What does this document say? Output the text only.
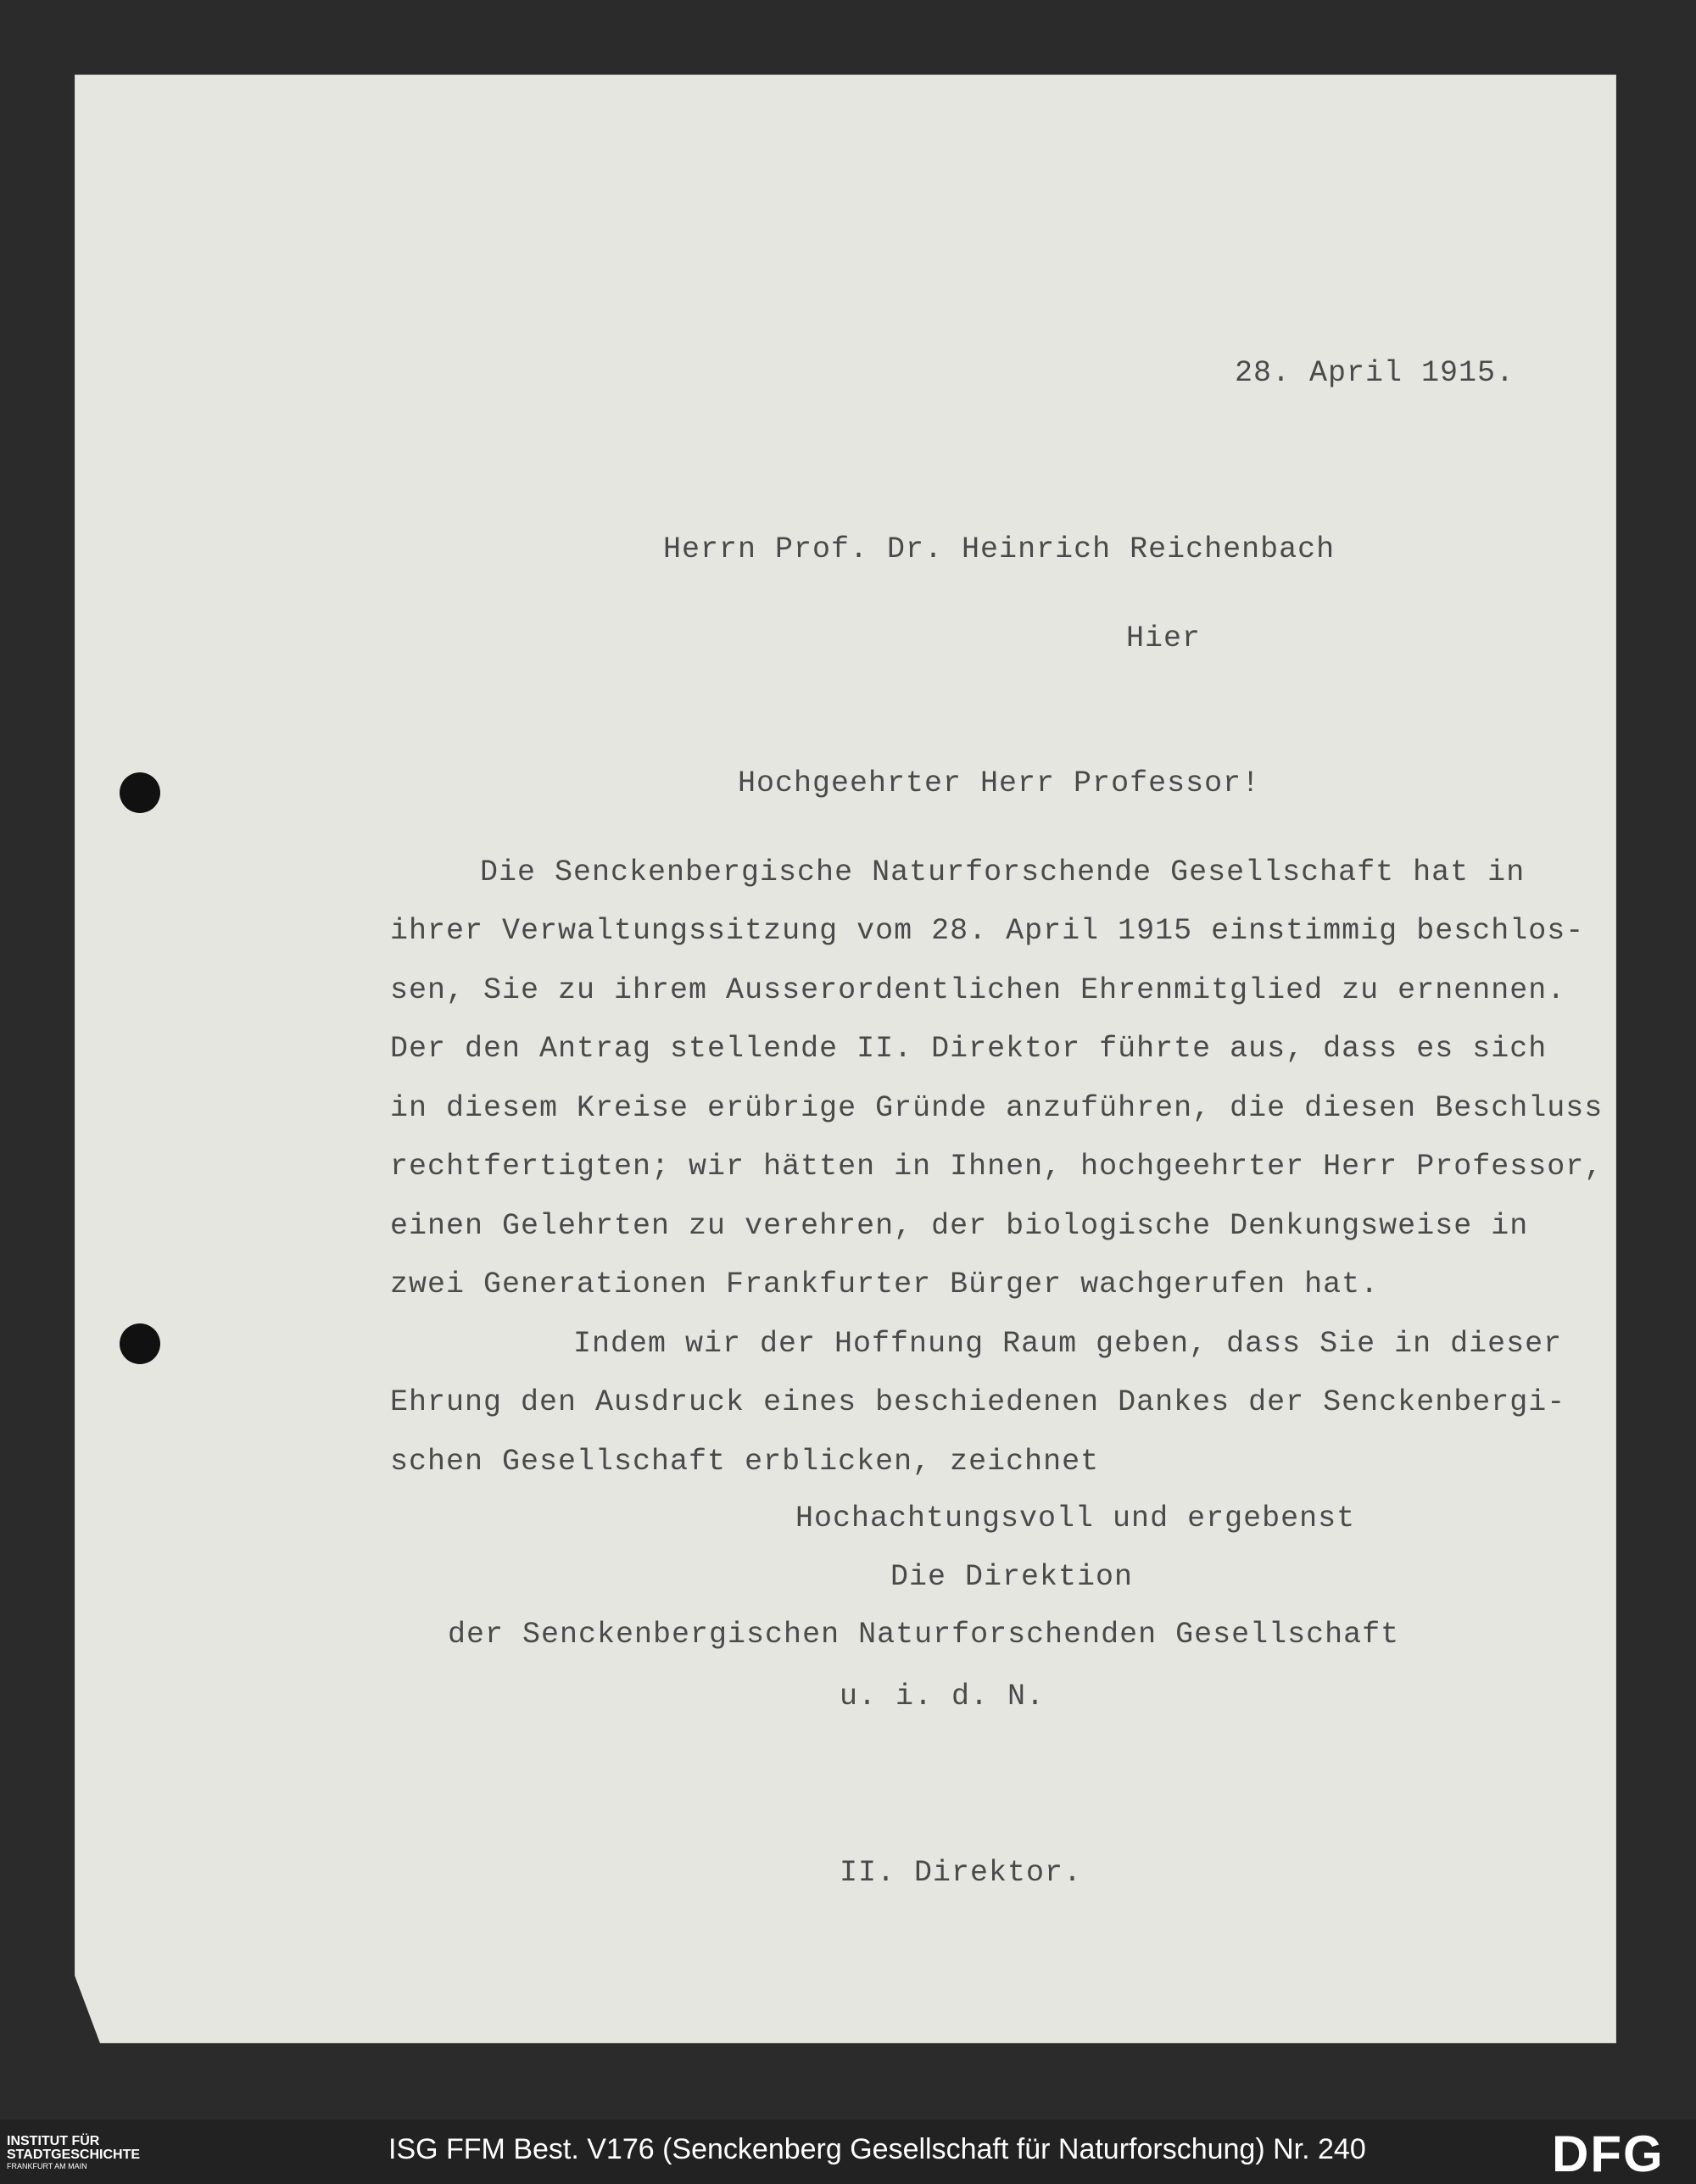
28. April 1915.
Herrn Prof. Dr. Heinrich Reichenbach
Hier
Hochgeehrter Herr Professor!
Die Senckenbergische Naturforschende Gesellschaft hat in
ihrer Verwaltungssitzung vom 28. April 1915 einstimmig beschlos-
sen, Sie zu ihrem Ausserordentlichen Ehrenmitglied zu ernennen.
Der den Antrag stellende II. Direktor führte aus, dass es sich
in diesem Kreise erübrige Gründe anzuführen, die diesen Beschluss
rechtfertigten; wir hätten in Ihnen, hochgeehrter Herr Professor,
einen Gelehrten zu verehren, der biologische Denkungsweise in
zwei Generationen Frankfurter Bürger wachgerufen hat.
Indem wir der Hoffnung Raum geben, dass Sie in dieser
Ehrung den Ausdruck eines beschiedenen Dankes der Senckenbergi-
schen Gesellschaft erblicken, zeichnet
Hochachtungsvoll und ergebenst
Die Direktion
der Senckenbergischen Naturforschenden Gesellschaft
u. i. d. N.
II. Direktor.
INSTITUT FÜR
STADTGESCHICHTE
FRANKFURT AM MAIN
ISG FFM Best. V176 (Senckenberg Gesellschaft für Naturforschung) Nr. 240	DFG
